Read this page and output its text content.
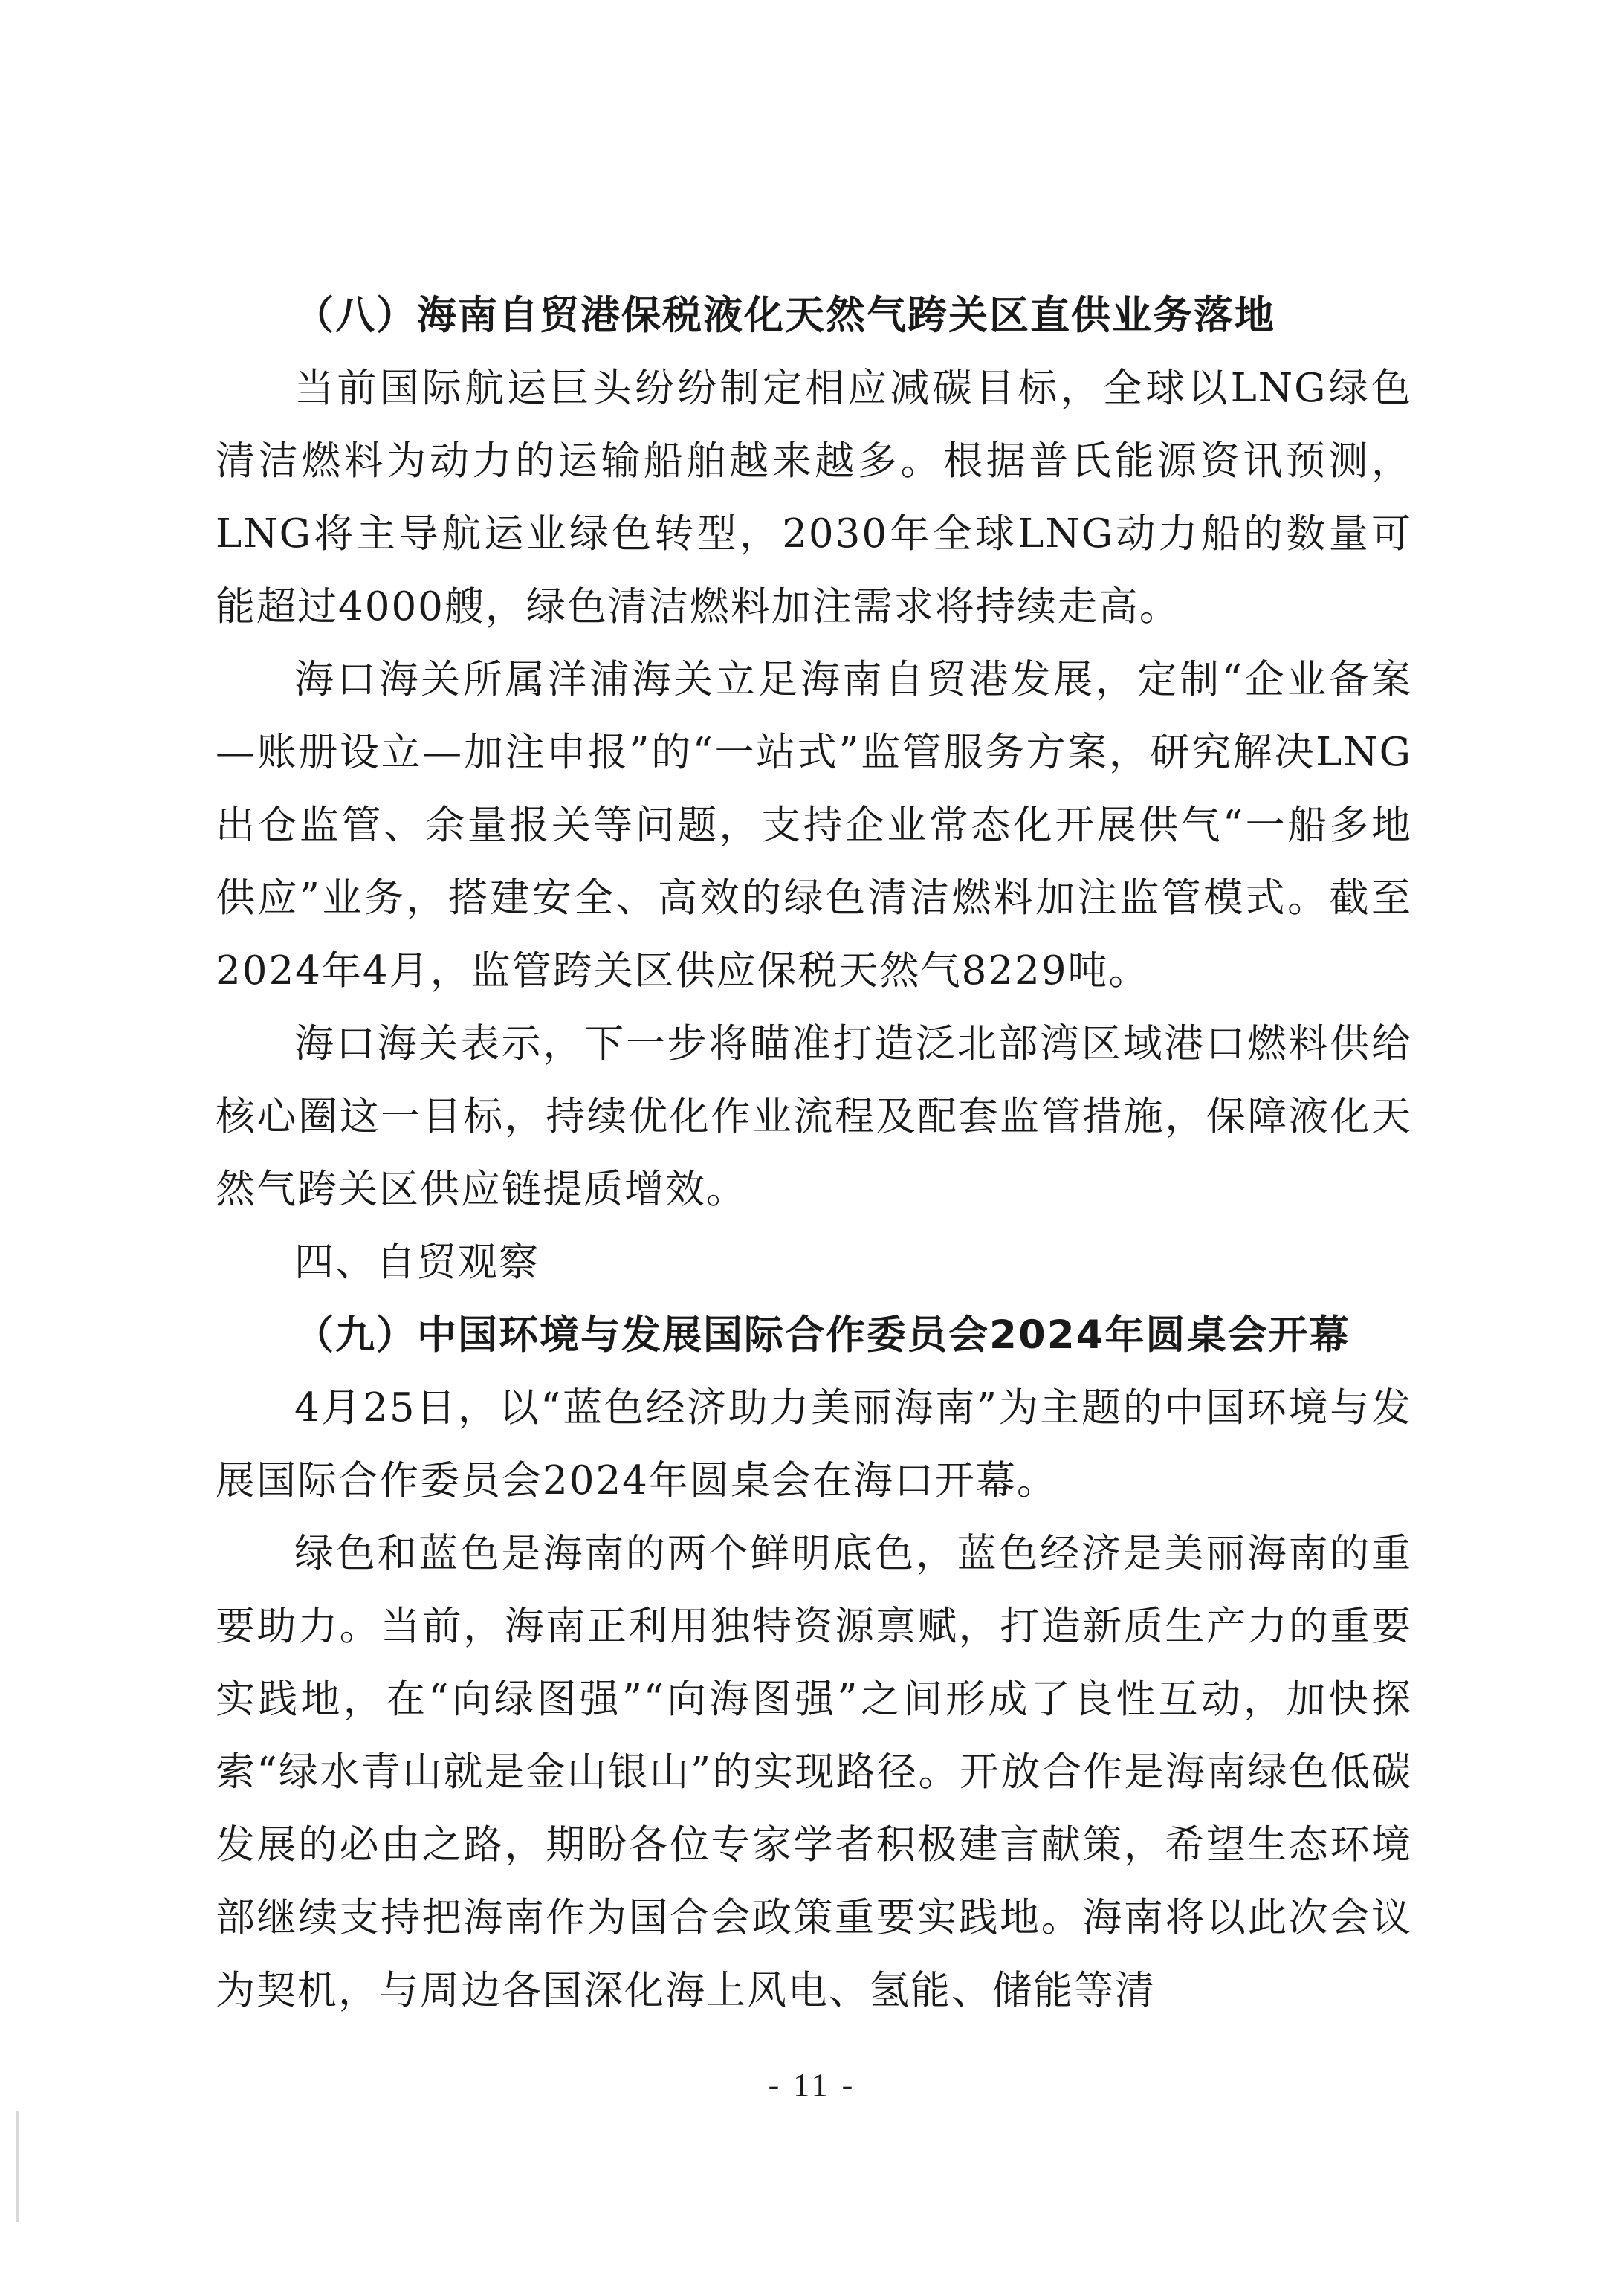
（八）海南自贸港保税液化天然气跨关区直供业务落地

当前国际航运巨头纷纷制定相应减碳目标，全球以LNG绿色清洁燃料为动力的运输船舶越来越多。根据普氏能源资讯预测，LNG将主导航运业绿色转型，2030年全球LNG动力船的数量可能超过4000艘，绿色清洁燃料加注需求将持续走高。

海口海关所属洋浦海关立足海南自贸港发展，定制“企业备案—账册设立—加注申报”的“一站式”监管服务方案，研究解决LNG出仓监管、余量报关等问题，支持企业常态化开展供气“一船多地供应”业务，搭建安全、高效的绿色清洁燃料加注监管模式。截至2024年4月，监管跨关区供应保税天然气8229吨。

海口海关表示，下一步将瞄准打造泛北部湾区域港口燃料供给核心圈这一目标，持续优化作业流程及配套监管措施，保障液化天然气跨关区供应链提质增效。

四、自贸观察

（九）中国环境与发展国际合作委员会2024年圆桌会开幕

4月25日，以“蓝色经济助力美丽海南”为主题的中国环境与发展国际合作委员会2024年圆桌会在海口开幕。

绿色和蓝色是海南的两个鲜明底色，蓝色经济是美丽海南的重要助力。当前，海南正利用独特资源禀赋，打造新质生产力的重要实践地，在“向绿图强”“向海图强”之间形成了良性互动，加快探索“绿水青山就是金山银山”的实现路径。开放合作是海南绿色低碳发展的必由之路，期盼各位专家学者积极建言献策，希望生态环境部继续支持把海南作为国合会政策重要实践地。海南将以此次会议为契机，与周边各国深化海上风电、氢能、储能等清

- 11 -
